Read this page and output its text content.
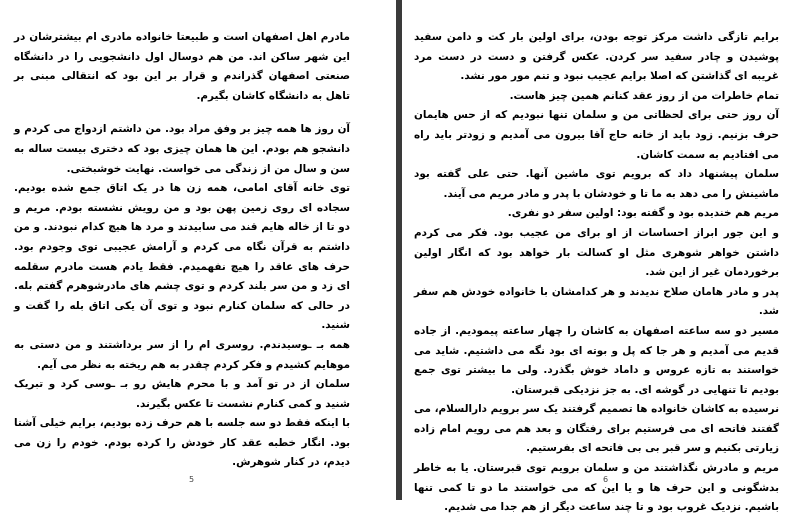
مادرم اهل اصفهان است و طبیعتا خانواده مادری ام بیشترشان در این شهر ساکن اند. من هم دوسال اول دانشجویی را در دانشگاه صنعتی اصفهان گذراندم و قرار بر این بود که انتقالی مبنی بر تاهل به دانشگاه کاشان بگیرم.

آن روز ها همه چیز بر وفق مراد بود. من داشتم ازدواج می کردم و دانشجو هم بودم. این ها همان چیزی بود که دختری بیست ساله به سن و سال من از زندگی می خواست. نهایت خوشبختی.

توی خانه آقای امامی، همه زن ها در یک اتاق جمع شده بودیم. سجاده ای روی زمین پهن بود و من رویش نشسته بودم. مریم و دو تا از خاله هایم قند می سابیدند و مرد ها هیچ کدام نبودند. و من داشتم به قرآن نگاه می کردم و آرامش عجیبی توی وجودم بود. حرف های عاقد را هیچ نفهمیدم. فقط یادم هست مادرم سقلمه ای زد و من سر بلند کردم و توی چشم های مادرشوهرم گفتم بله. در حالی که سلمان کنارم نبود و توی آن یکی اتاق بله را گفت و شنید.

همه بـ ـوسیدندم. روسری ام را از سر برداشتند و من دستی به موهایم کشیدم و فکر کردم چقدر به هم ریخته به نظر می آیم.

سلمان از در تو آمد و با محرم هایش رو بـ ـوسی کرد و تبریک شنید و کمی کنارم نشست تا عکس بگیرند.

با اینکه فقط دو سه جلسه با هم حرف زده بودیم، برایم خیلی آشنا بود. انگار خطبه عقد کار خودش را کرده بودم. خودم را زن می دیدم، در کنار شوهرش.

5

برایم تازگی داشت مرکز توجه بودن، برای اولین بار کت و دامن سفید پوشیدن و چادر سفید سر کردن. عکس گرفتن و دست در دست مرد غریبه ای گذاشتن که اصلا برایم عجیب نبود و تنم مور مور نشد.

تمام خاطرات من از روز عقد کنانم همین چیز هاست.

آن روز حتی برای لحظاتی من و سلمان تنها نبودیم که از حس هایمان حرف بزنیم. زود باید از خانه حاج آقا بیرون می آمدیم و زودتر باید راه می افتادیم به سمت کاشان.

سلمان پیشنهاد داد که برویم توی ماشین آنها. حتی علی گفته بود ماشینش را می دهد به ما تا و خودشان با پدر و مادر مریم می آیند.

مریم هم خندیده بود و گفته بود: اولین سفر دو نفری.

و این جور ابراز احساسات از او برای من عجیب بود. فکر می کردم داشتن خواهر شوهری مثل او کسالت بار خواهد بود که انگار اولین برخوردمان غیر از این شد.

پدر و مادر هامان صلاح ندیدند و هر کدامشان با خانواده خودش هم سفر شد.

مسیر دو سه ساعته اصفهان به کاشان را چهار ساعته پیمودیم. از جاده قدیم می آمدیم و هر جا که پل و بوته ای بود نگه می داشتیم. شاید می خواستند به تازه عروس و داماد خوش بگذرد. ولی ما بیشتر توی جمع بودیم تا تنهایی در گوشه ای. به جز نزدیکی قبرستان.

نرسیده به کاشان خانواده ها تصمیم گرفتند یک سر برویم دارالسلام، می گفتند فاتحه ای می فرستیم برای رفتگان و بعد هم می رویم امام زاده زیارتی بکنیم و سر قبر بی بی فاتحه ای بفرستیم.

مریم و مادرش نگذاشتند من و سلمان برویم توی قبرستان. یا به خاطر بدشگونی و این حرف ها و یا این که می خواستند ما دو تا کمی تنها باشیم. نزدیک غروب بود و تا چند ساعت دیگر از هم جدا می شدیم.

6
